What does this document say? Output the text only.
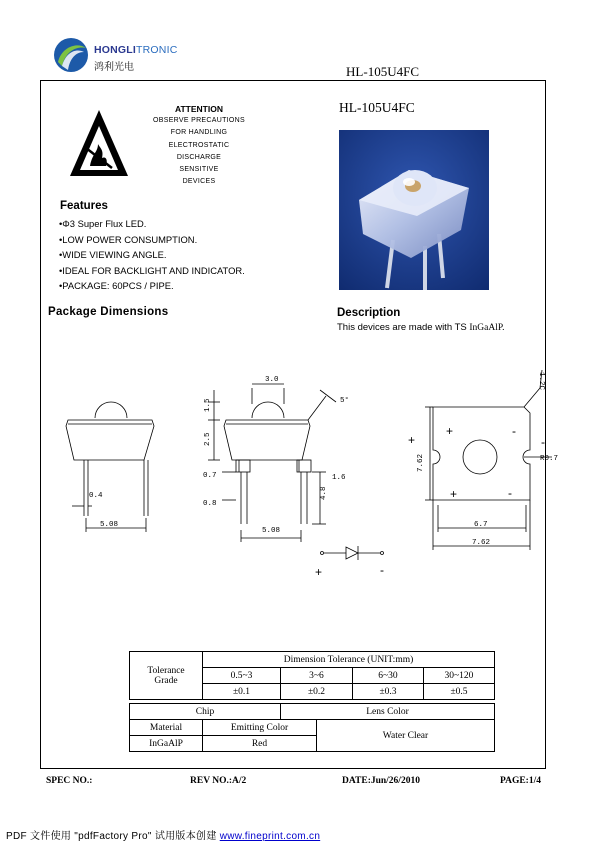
HONGLITRONIC
鸿利光电	HL-105U4FC
ATTENTION
OBSERVE PRECAUTIONS
FOR HANDLING
ELECTROSTATIC
DISCHARGE
SENSITIVE
DEVICES
HL-105U4FC
Features
•Φ3 Super Flux LED.
•LOW POWER CONSUMPTION.
•WIDE VIEWING ANGLE.
•IDEAL FOR BACKLIGHT AND INDICATOR.
•PACKAGE: 60PCS / PIPE.
Package Dimensions	Description
This devices are made with TS InGaAlP.
0.4
5.08
3.0
1.5
2.5
5°
0.7	1.6
4.8
0.8
5.08
+	-
+	-
+	-
1.2C
R0.7
7.62
6.7
7.62
+	-
Tolerance
Grade	Dimension Tolerance (UNIT:mm)				
	0.5~3	3~6		6~30	30~120
	±0.1	±0.2		±0.3	±0.5

Chip		Lens Color			
Material	Emitting Color		Water Clear		
InGaAlP	Red				
SPEC NO.:	REV NO.:A/2	DATE:Jun/26/2010	PAGE:1/4
PDF 文件使用 "pdfFactory Pro" 试用版本创建 www.fineprint.com.cn
